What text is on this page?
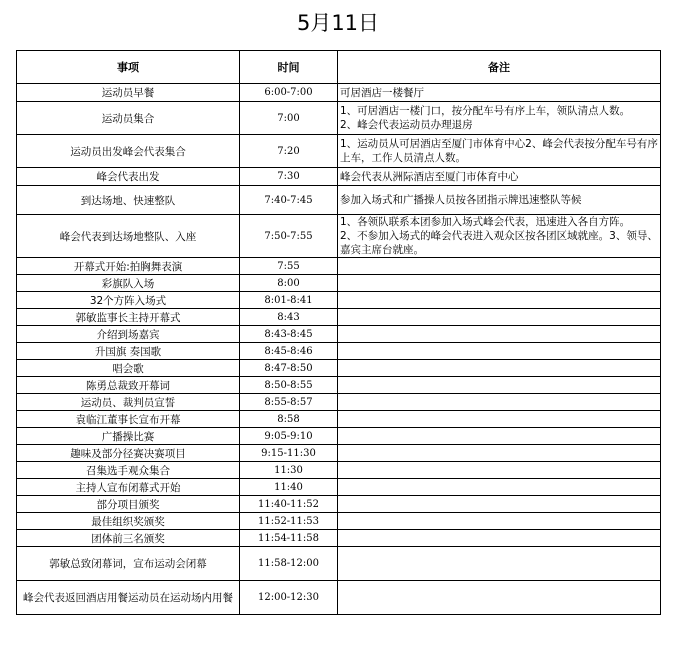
5月11日
事项	时间	备注
运动员早餐	6:00-7:00	可居酒店一楼餐厅

运动员集合	7:00	1、可居酒店一楼门口，按分配车号有序上车，领队清点人数。
2、峰会代表运动员办理退房

运动员出发峰会代表集合	7:20	1、运动员从可居酒店至厦门市体育中心2、峰会代表按分配车号有序上车，工作人员清点人数。

峰会代表出发	7:30	峰会代表从洲际酒店至厦门市体育中心

到达场地、快速整队	7:40-7:45	参加入场式和广播操人员按各团指示牌迅速整队等候

峰会代表到达场地整队、入座	7:50-7:55	1、各领队联系本团参加入场式峰会代表，迅速进入各自方阵。
2、不参加入场式的峰会代表进入观众区按各团区域就座。3、领导、嘉宾主席台就座。

开幕式开始:拍胸舞表演	7:55	
彩旗队入场	8:00	
32个方阵入场式	8:01-8:41	
郭敏监事长主持开幕式	8:43	
介绍到场嘉宾	8:43-8:45	
升国旗 奏国歌	8:45-8:46	
唱会歌	8:47-8:50	
陈勇总裁致开幕词	8:50-8:55	
运动员、裁判员宣誓	8:55-8:57	
袁临江董事长宣布开幕	8:58	
广播操比赛	9:05-9:10	
趣味及部分径赛决赛项目	9:15-11:30	
召集选手观众集合	11:30	
主持人宣布闭幕式开始	11:40	
部分项目颁奖	11:40-11:52	
最佳组织奖颁奖	11:52-11:53	
团体前三名颁奖	11:54-11:58	
郭敏总致闭幕词，宣布运动会闭幕	11:58-12:00	
峰会代表返回酒店用餐运动员在运动场内用餐	12:00-12:30	
